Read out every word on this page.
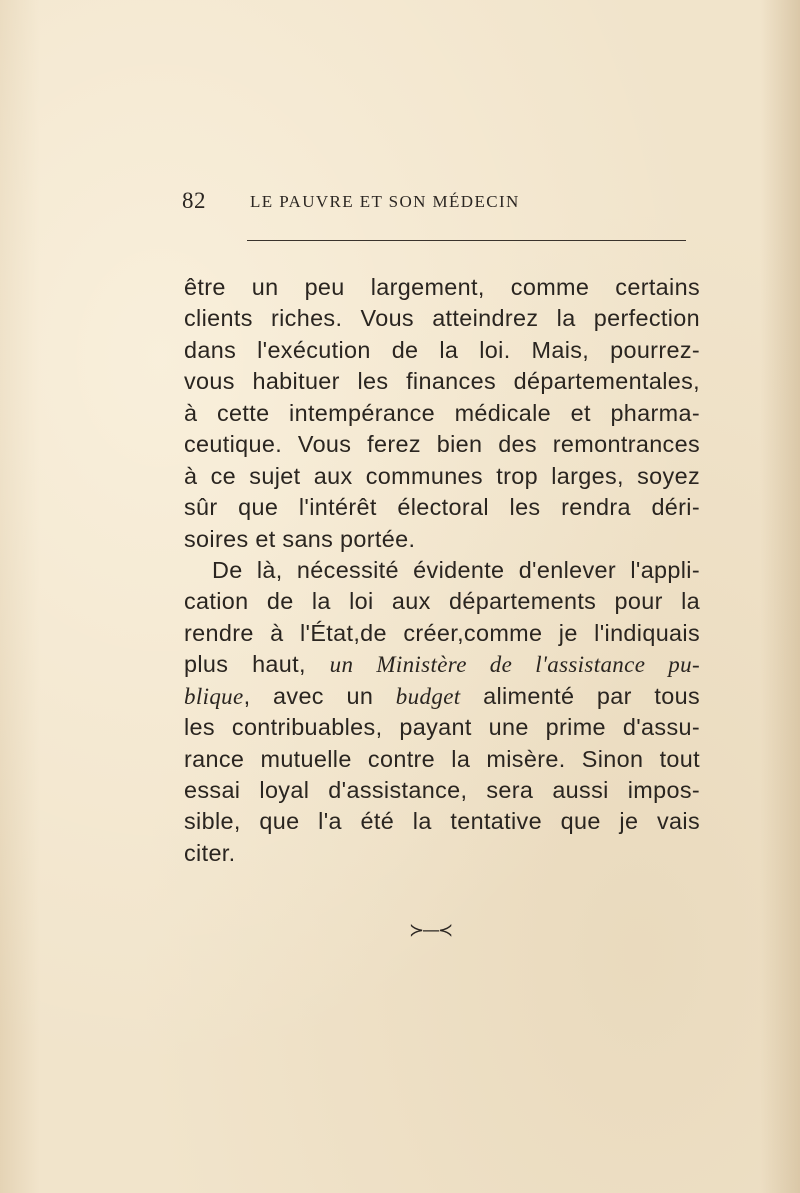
82	LE PAUVRE ET SON MÉDECIN
être un peu largement, comme certains
clients riches. Vous atteindrez la perfection
dans l'exécution de la loi. Mais, pourrez-
vous habituer les finances départementales,
à cette intempérance médicale et pharma-
ceutique. Vous ferez bien des remontrances
à ce sujet aux communes trop larges, soyez
sûr que l'intérêt électoral les rendra déri-
soires et sans portée.
De là, nécessité évidente d'enlever l'appli-
cation de la loi aux départements pour la
rendre à l'État,de créer,comme je l'indiquais
plus haut, un Ministère de l'assistance pu-
blique, avec un budget alimenté par tous
les contribuables, payant une prime d'assu-
rance mutuelle contre la misère. Sinon tout
essai loyal d'assistance, sera aussi impos-
sible, que l'a été la tentative que je vais
citer.
≻—≺
